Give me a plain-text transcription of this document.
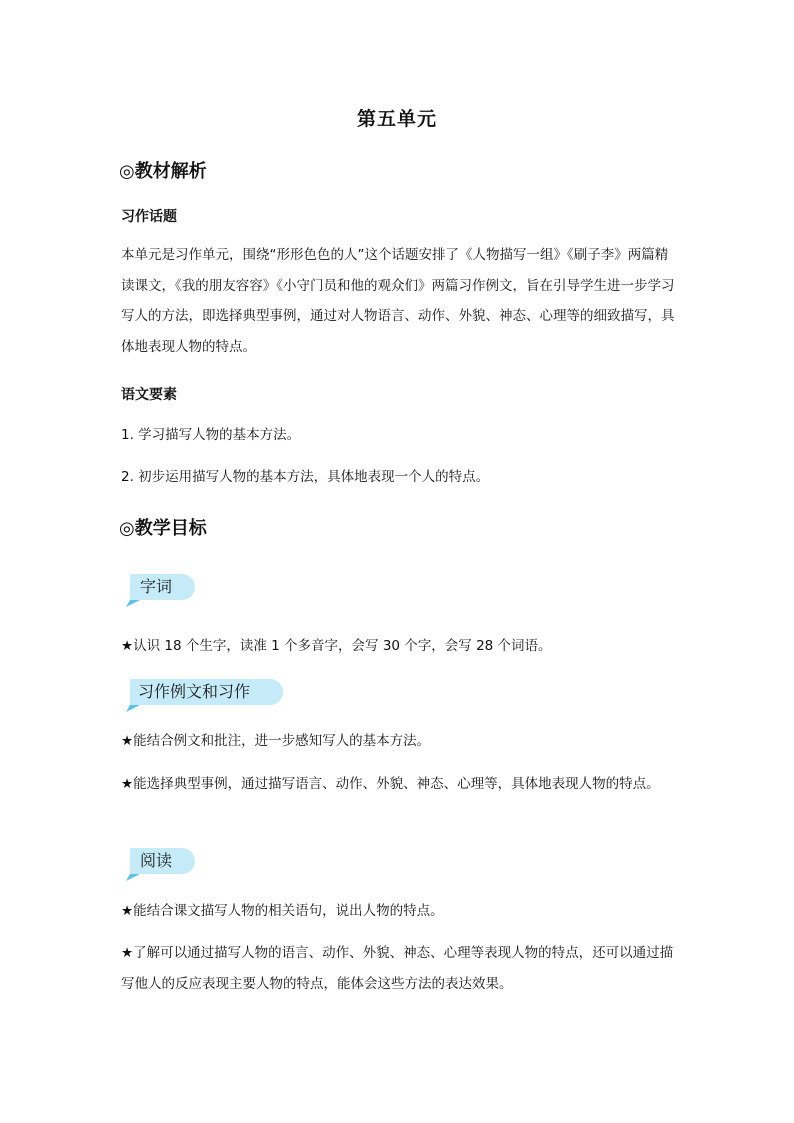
第五单元
◎教材解析
习作话题
本单元是习作单元，围绕“形形色色的人”这个话题安排了《人物描写一组》《刷子李》两篇精读课文，《我的朋友容容》《小守门员和他的观众们》两篇习作例文，旨在引导学生进一步学习写人的方法，即选择典型事例，通过对人物语言、动作、外貌、神态、心理等的细致描写，具体地表现人物的特点。
语文要素
1. 学习描写人物的基本方法。
2. 初步运用描写人物的基本方法，具体地表现一个人的特点。
◎教学目标
字词
★认识 18 个生字，读准 1 个多音字，会写 30 个字，会写 28 个词语。
习作例文和习作
★能结合例文和批注，进一步感知写人的基本方法。
★能选择典型事例，通过描写语言、动作、外貌、神态、心理等，具体地表现人物的特点。
阅读
★能结合课文描写人物的相关语句，说出人物的特点。
★了解可以通过描写人物的语言、动作、外貌、神态、心理等表现人物的特点，还可以通过描写他人的反应表现主要人物的特点，能体会这些方法的表达效果。
